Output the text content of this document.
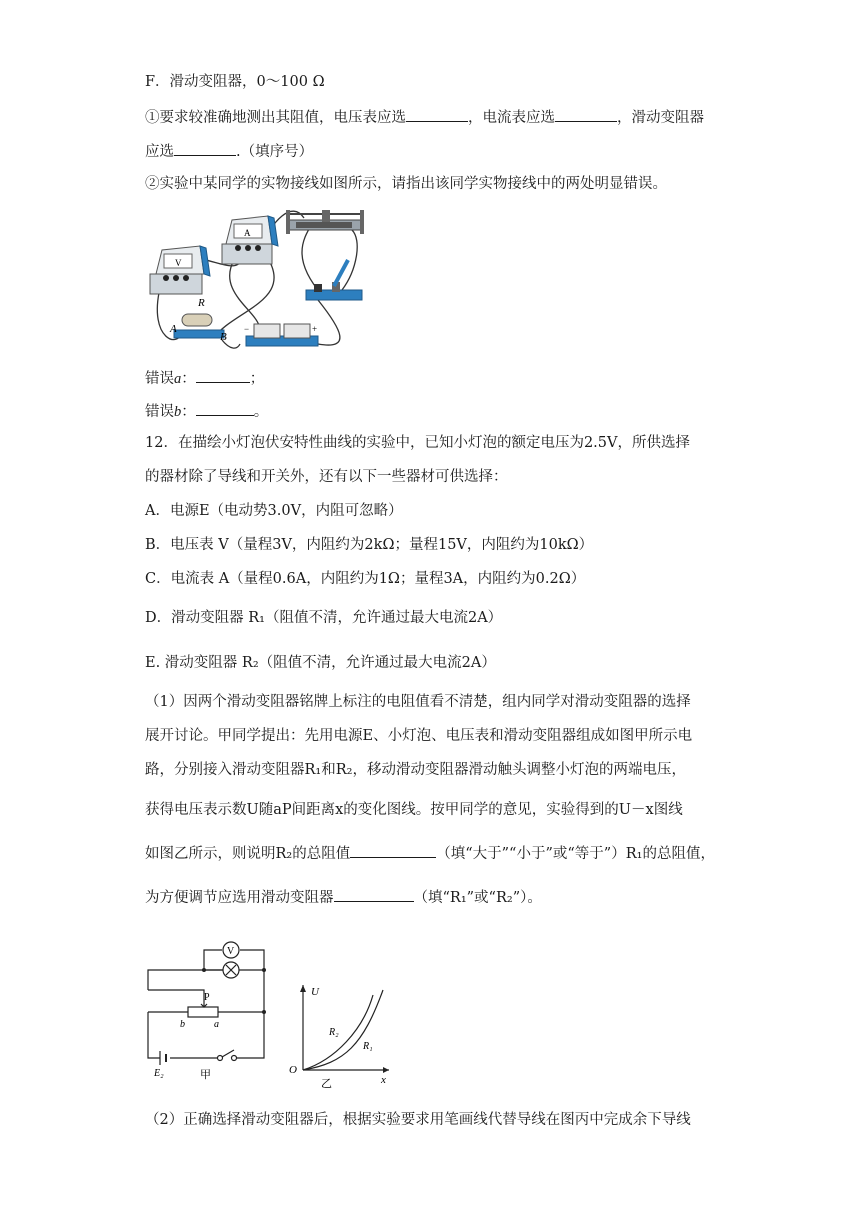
F．滑动变阻器，0～100 Ω
①要求较准确地测出其阻值，电压表应选	，电流表应选	，滑动变阻器
应选	.（填序号）
②实验中某同学的实物接线如图所示，请指出该同学实物接线中的两处明显错误。
V
A
R
A
B
−	+
错误a：	；
错误b：	。
12．在描绘小灯泡伏安特性曲线的实验中，已知小灯泡的额定电压为2.5V，所供选择
的器材除了导线和开关外，还有以下一些器材可供选择：
A．电源E（电动势3.0V，内阻可忽略）
B．电压表 V（量程3V，内阻约为2kΩ；量程15V，内阻约为10kΩ）
C．电流表 A（量程0.6A，内阻约为1Ω；量程3A，内阻约为0.2Ω）
D．滑动变阻器 R₁（阻值不清，允许通过最大电流2A）
E. 滑动变阻器 R₂（阻值不清，允许通过最大电流2A）
（1）因两个滑动变阻器铭牌上标注的电阻值看不清楚，组内同学对滑动变阻器的选择
展开讨论。甲同学提出：先用电源E、小灯泡、电压表和滑动变阻器组成如图甲所示电
路，分别接入滑动变阻器R₁和R₂，移动滑动变阻器滑动触头调整小灯泡的两端电压，
获得电压表示数U随aP间距离x的变化图线。按甲同学的意见，实验得到的U－x图线
如图乙所示，则说明R₂的总阻值	（填“大于”“小于”或“等于”）R₁的总阻值，
为方便调节应选用滑动变阻器	（填“R₁”或“R₂”）。
V
P
b	a
E₂	甲
U
x
O
R₂
R₁
乙
（2）正确选择滑动变阻器后，根据实验要求用笔画线代替导线在图丙中完成余下导线
